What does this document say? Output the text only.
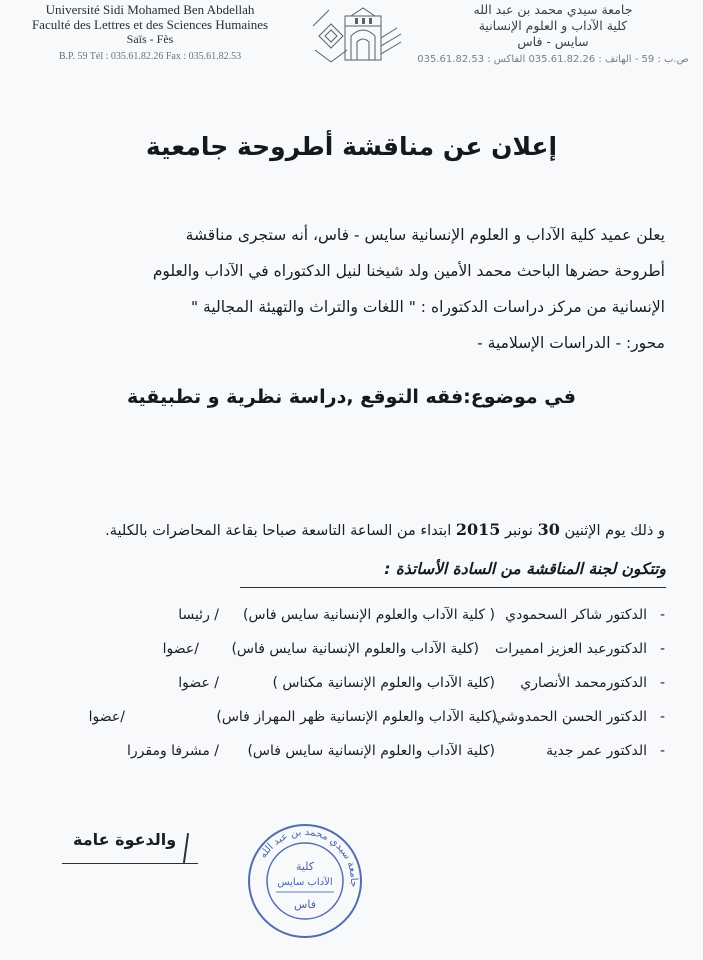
Université Sidi Mohamed Ben Abdellah
Faculté des Lettres et des Sciences Humaines
Saïs - Fès
B.P. 59 Tél : 035.61.82.26 Fax : 035.61.82.53
جامعة سيدي محمد بن عبد الله
كلية الآداب و العلوم الإنسانية
سايس - فاس
ص.ب : 59 - الهاتف : 035.61.82.26 الفاكس : 035.61.82.53
إعلان عن مناقشة أطروحة جامعية
يعلن عميد كلية الآداب و العلوم الإنسانية سايس - فاس، أنه ستجرى مناقشة
أطروحة حضرها الباحث محمد الأمين ولد شيخنا لنيل الدكتوراه في الآداب والعلوم
الإنسانية من مركز دراسات الدكتوراه : " اللغات والتراث والتهيئة المجالية "
محور: - الدراسات الإسلامية -
في موضوع:فقه التوقع ,دراسة نظرية و تطبيقية
و ذلك يوم الإثنين 30 نونبر 2015 ابتداء من الساعة التاسعة صباحا بقاعة المحاضرات بالكلية.
وتتكون لجنة المناقشة من السادة الأساتذة :
-
الدكتور شاكر السحمودي
( كلية الآداب والعلوم الإنسانية سايس فاس)
/ رئيسا
-
الدكتورعبد العزيز امميرات
(كلية الآداب والعلوم الإنسانية سايس فاس)
/عضوا
-
الدكتورمحمد الأنصاري
(كلية الآداب والعلوم الإنسانية مكناس )
/ عضوا
-
الدكتور الحسن الحمدوشي
(كلية الآداب والعلوم الإنسانية ظهر المهراز فاس)
/عضوا
-
الدكتور عمر جدية
(كلية الآداب والعلوم الإنسانية سايس فاس)
/ مشرفا ومقررا
والدعوة عامة
جامعة سيدي محمد بن عبد الله
كلية
الآداب سايس
فاس
